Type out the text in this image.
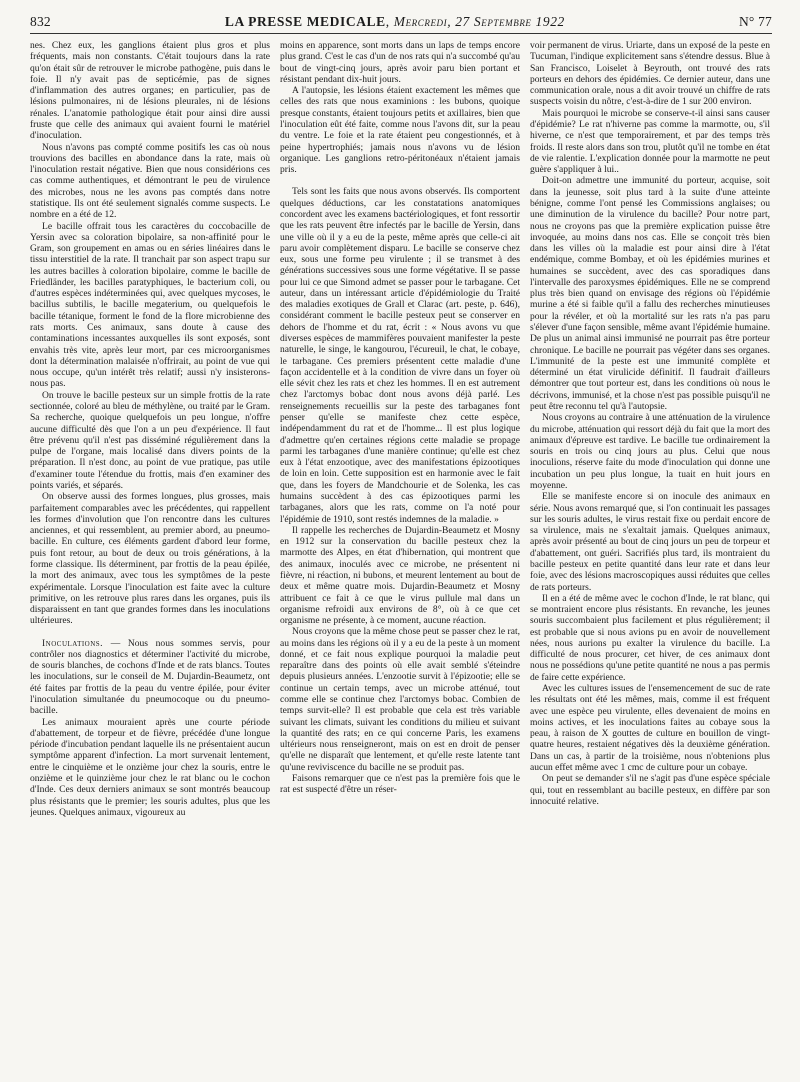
832	LA PRESSE MEDICALE, Mercredi, 27 Septembre 1922	N° 77

nes. Chez eux, les ganglions étaient plus gros et plus fréquents, mais non constants. C'était toujours dans la rate qu'on était sûr de retrouver le microbe pathogène, puis dans le foie. Il n'y avait pas de septicémie, pas de signes d'inflammation des autres organes; en particulier, pas de lésions pulmonaires, ni de lésions pleurales, ni de lésions rénales. L'anatomie pathologique était pour ainsi dire aussi fruste que celle des animaux qui avaient fourni le matériel d'inoculation.

Nous n'avons pas compté comme positifs les cas où nous trouvions des bacilles en abondance dans la rate, mais où l'inoculation restait négative. Bien que nous considérions ces cas comme authentiques, et démontrant le peu de virulence des microbes, nous ne les avons pas comptés dans notre statistique. Ils ont été seulement signalés comme suspects. Le nombre en a été de 12.

Le bacille offrait tous les caractères du coccobacille de Yersin avec sa coloration bipolaire, sa non-affinité pour le Gram, son groupement en amas ou en séries linéaires dans le tissu interstitiel de la rate. Il tranchait par son aspect trapu sur les autres bacilles à coloration bipolaire, comme le bacille de Friedländer, les bacilles paratyphiques, le bacterium coli, ou d'autres espèces indéterminées qui, avec quelques mycoses, le bacillus subtilis, le bacille megaterium, ou quelquefois le bacille tétanique, forment le fond de la flore microbienne des rats morts. Ces animaux, sans doute à cause des contaminations incessantes auxquelles ils sont exposés, sont envahis très vite, après leur mort, par ces microorganismes dont la détermination malaisée n'offrirait, au point de vue qui nous occupe, qu'un intérêt très relatif; aussi n'y insisterons-nous pas.

On trouve le bacille pesteux sur un simple frottis de la rate sectionnée, coloré au bleu de méthylène, ou traité par le Gram. Sa recherche, quoique quelquefois un peu longue, n'offre aucune difficulté dès que l'on a un peu d'expérience. Il faut être prévenu qu'il n'est pas disséminé régulièrement dans la pulpe de l'organe, mais localisé dans divers points de la préparation. Il n'est donc, au point de vue pratique, pas utile d'examiner toute l'étendue du frottis, mais d'en examiner des points variés, et séparés.

On observe aussi des formes longues, plus grosses, mais parfaitement comparables avec les précédentes, qui rappellent les formes d'involution que l'on rencontre dans les cultures anciennes, et qui ressemblent, au premier abord, au pneumo-bacille. En culture, ces éléments gardent d'abord leur forme, puis font retour, au bout de deux ou trois générations, à la forme classique. Ils déterminent, par frottis de la peau épilée, la mort des animaux, avec tous les symptômes de la peste expérimentale. Lorsque l'inoculation est faite avec la culture primitive, on les retrouve plus rares dans les organes, puis ils disparaissent en tant que grandes formes dans les inoculations ultérieures.

Inoculations. — Nous nous sommes servis, pour contrôler nos diagnostics et déterminer l'activité du microbe, de souris blanches, de cochons d'Inde et de rats blancs. Toutes les inoculations, sur le conseil de M. Dujardin-Beaumetz, ont été faites par frottis de la peau du ventre épilée, pour éviter l'inoculation simultanée du pneumocoque ou du pneumo-bacille.

Les animaux mouraient après une courte période d'abattement, de torpeur et de fièvre, précédée d'une longue période d'incubation pendant laquelle ils ne présentaient aucun symptôme apparent d'infection. La mort survenait lentement, entre le cinquième et le onzième jour chez la souris, entre le onzième et le quinzième jour chez le rat blanc ou le cochon d'Inde. Ces deux derniers animaux se sont montrés beaucoup plus résistants que le premier; les souris adultes, plus que les jeunes. Quelques animaux, vigoureux au

moins en apparence, sont morts dans un laps de temps encore plus grand. C'est le cas d'un de nos rats qui n'a succombé qu'au bout de vingt-cinq jours, après avoir paru bien portant et résistant pendant dix-huit jours.

A l'autopsie, les lésions étaient exactement les mêmes que celles des rats que nous examinions : les bubons, quoique presque constants, étaient toujours petits et axillaires, bien que l'inoculation eût été faite, comme nous l'avons dit, sur la peau du ventre. Le foie et la rate étaient peu congestionnés, et à peine hypertrophiés; jamais nous n'avons vu de lésion organique. Les ganglions retro-péritonéaux n'étaient jamais pris.

Tels sont les faits que nous avons observés. Ils comportent quelques déductions, car les constatations anatomiques concordent avec les examens bactériologiques, et font ressortir que les rats peuvent être infectés par le bacille de Yersin, dans une ville où il y a eu de la peste, même après que celle-ci ait paru avoir complètement disparu. Le bacille se conserve chez eux, sous une forme peu virulente ; il se transmet à des générations successives sous une forme végétative. Il se passe pour lui ce que Simond admet se passer pour le tarbagane. Cet auteur, dans un intéressant article d'épidémiologie du Traité des maladies exotiques de Grall et Clarac (art. peste, p. 646), considérant comment le bacille pesteux peut se conserver en dehors de l'homme et du rat, écrit : « Nous avons vu que diverses espèces de mammifères pouvaient manifester la peste naturelle, le singe, le kangourou, l'écureuil, le chat, le cobaye, le tarbagane. Ces premiers présentent cette maladie d'une façon accidentelle et à la condition de vivre dans un foyer où elle sévit chez les rats et chez les hommes. Il en est autrement chez l'arctomys bobac dont nous avons déjà parlé. Les renseignements recueillis sur la peste des tarbaganes font penser qu'elle se manifeste chez cette espèce, indépendamment du rat et de l'homme... Il est plus logique d'admettre qu'en certaines régions cette maladie se propage parmi les tarbaganes d'une manière continue; qu'elle est chez eux à l'état enzootique, avec des manifestations épizootiques de loin en loin. Cette supposition est en harmonie avec le fait que, dans les foyers de Mandchourie et de Solenka, les cas humains succèdent à des cas épizootiques parmi les tarbaganes, alors que les rats, comme on l'a noté pour l'épidémie de 1910, sont restés indemnes de la maladie. »

Il rappelle les recherches de Dujardin-Beaumetz et Mosny en 1912 sur la conservation du bacille pesteux chez la marmotte des Alpes, en état d'hibernation, qui montrent que des animaux, inoculés avec ce microbe, ne présentent ni fièvre, ni réaction, ni bubons, et meurent lentement au bout de deux et même quatre mois. Dujardin-Beaumetz et Mosny attribuent ce fait à ce que le virus pullule mal dans un organisme refroidi aux environs de 8°, où à ce que cet organisme ne présente, à ce moment, aucune réaction.

Nous croyons que la même chose peut se passer chez le rat, au moins dans les régions où il y a eu de la peste à un moment donné, et ce fait nous explique pourquoi la maladie peut reparaître dans des points où elle avait semblé s'éteindre depuis plusieurs années. L'enzootie survit à l'épizootie; elle se continue un certain temps, avec un microbe atténué, tout comme elle se continue chez l'arctomys bobac. Combien de temps survit-elle? Il est probable que cela est très variable suivant les climats, suivant les conditions du milieu et suivant la quantité des rats; en ce qui concerne Paris, les examens ultérieurs nous renseigneront, mais on est en droit de penser qu'elle ne disparaît que lentement, et qu'elle reste latente tant qu'une reviviscence du bacille ne se produit pas.

Faisons remarquer que ce n'est pas la première fois que le rat est suspecté d'être un réser-

voir permanent de virus. Uriarte, dans un exposé de la peste en Tucuman, l'indique explicitement sans s'étendre dessus. Blue à San Francisco, Loiselet à Beyrouth, ont trouvé des rats porteurs en dehors des épidémies. Ce dernier auteur, dans une communication orale, nous a dit avoir trouvé un chiffre de rats suspects voisin du nôtre, c'est-à-dire de 1 sur 200 environ.

Mais pourquoi le microbe se conserve-t-il ainsi sans causer d'épidémie? Le rat n'hiverne pas comme la marmotte, ou, s'il hiverne, ce n'est que temporairement, et par des temps très froids. Il reste alors dans son trou, plutôt qu'il ne tombe en état de vie ralentie. L'explication donnée pour la marmotte ne peut guère s'appliquer à lui..

Doit-on admettre une immunité du porteur, acquise, soit dans la jeunesse, soit plus tard à la suite d'une atteinte bénigne, comme l'ont pensé les Commissions anglaises; ou une diminution de la virulence du bacille? Pour notre part, nous ne croyons pas que la première explication puisse être invoquée, au moins dans nos cas. Elle se conçoit très bien dans les villes où la maladie est pour ainsi dire à l'état endémique, comme Bombay, et où les épidémies murines et humaines se succèdent, avec des cas sporadiques dans l'intervalle des paroxysmes épidémiques. Elle ne se comprend plus très bien quand on envisage des régions où l'épidémie murine a été si faible qu'il a fallu des recherches minutieuses pour la révéler, et où la mortalité sur les rats n'a pas paru s'élever d'une façon sensible, même avant l'épidémie humaine. De plus un animal ainsi immunisé ne pourrait pas être porteur chronique. Le bacille ne pourrait pas végéter dans ses organes. L'immunité de la peste est une immunité complète et déterminé un état virulicide définitif. Il faudrait d'ailleurs démontrer que tout porteur est, dans les conditions où nous le décrivons, immunisé, et la chose n'est pas possible puisqu'il ne peut être reconnu tel qu'à l'autopsie.

Nous croyons au contraire à une atténuation de la virulence du microbe, atténuation qui ressort déjà du fait que la mort des animaux d'épreuve est tardive. Le bacille tue ordinairement la souris en trois ou cinq jours au plus. Celui que nous inoculions, réserve faite du mode d'inoculation qui donne une incubation un peu plus longue, la tuait en huit jours en moyenne.

Elle se manifeste encore si on inocule des animaux en série. Nous avons remarqué que, si l'on continuait les passages sur les souris adultes, le virus restait fixe ou perdait encore de sa virulence, mais ne s'exaltait jamais. Quelques animaux, après avoir présenté au bout de cinq jours un peu de torpeur et d'abattement, ont guéri. Sacrifiés plus tard, ils montraient du bacille pesteux en petite quantité dans leur rate et dans leur foie, avec des lésions macroscopiques aussi réduites que celles de rats porteurs.

Il en a été de même avec le cochon d'Inde, le rat blanc, qui se montraient encore plus résistants. En revanche, les jeunes souris succombaient plus facilement et plus régulièrement; il est probable que si nous avions pu en avoir de nouvellement nées, nous aurions pu exalter la virulence du bacille. La difficulté de nous procurer, cet hiver, de ces animaux dont nous ne possédions qu'une petite quantité ne nous a pas permis de faire cette expérience.

Avec les cultures issues de l'ensemencement de suc de rate les résultats ont été les mêmes, mais, comme il est fréquent avec une espèce peu virulente, elles devenaient de moins en moins actives, et les inoculations faites au cobaye sous la peau, à raison de X gouttes de culture en bouillon de vingt-quatre heures, restaient négatives dès la deuxième génération. Dans un cas, à partir de la troisième, nous n'obtenions plus aucun effet même avec 1 cmc de culture pour un cobaye.

On peut se demander s'il ne s'agit pas d'une espèce spéciale qui, tout en ressemblant au bacille pesteux, en diffère par son innocuité relative.
